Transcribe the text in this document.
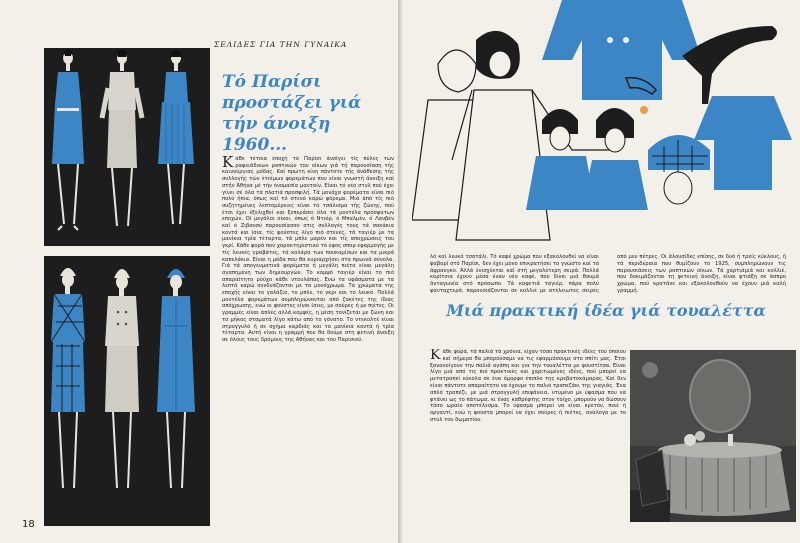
ΣΕΛΙΔΕΣ ΓΙΑ ΤΗΝ ΓΥΝΑΙΚΑ
Τό Παρίσι προστάζει γιά τήν άνοιξη 1960...
Κάθε τέτοια έποχή τό Παρίσι άνοίγει τίς πύλες τών ραφειάδικων ραπτικών του οίκων γιά τή παρουσίαση τής καινούργιας μόδας. Καί πρώτη κίνη πάντοτε τής άνάθεσης τής συλλογής τών έτοίμων φορεμάτων που είναι γνωστή άνοιξη καί στήν Άθήνα μέ τήν όνομασία μανταίν. Είναι τό νέο στυλ πού έχει γίνει σέ όλα τά πλατιά προσφιλή. Τά μονάχα φορέματα είναι πιό πολύ ήπια, όπως καί τό στενό καρώ φόρεμα. Μιά άπό τίς πιό συζητημένες λεπτομέρειες είναι τό τσάλισμα τής ζώνης, πού έτσι έχει έξελιχθεί και ξεπεράσει όλα τά μοντέλα πρόσφατων εποχών. Οί μεγάλοι οίκοι, όπως ό Ντιόρ, ό Μπαλμέν, ό Λανβέν καί ό Ζιβανσύ παρουσίασαν στις συλλογές τους τά σακάκια κοντά και ίσια, τίς φούστες λίγο πιό στενές, τά ταγιέρ με τα μανίκια τρία τέταρτα, τά μπλε μαρέν και τίς αποχρώσεις του γκρί. Κάθε φορά πού χαρακτηριστικό τό ύφος σπορ εφαρμογής με τίς λευκές γραβάτες, τά κολάρα των πουκαμίσων και τα μικρά καπελάκια. Είναι η μόδα που θα κυριαρχήσει στα πρωινά σύνολα. Γιά τά απογευματινά φορέματα ή μεγάλη πιέτα είναι μεγάλη αγαπημένη των δημιουργών. Το κομψό ταγιέρ είναι το πιό απαραίτητο ρούχο κάθε ντουλάπας. Ενώ τα υφάσματα με τα λεπτά καρώ συνδυάζονται με τα μονόχρωμα. Τα χρώματα της εποχής είναι το γαλάζιο, το μπλε, το γκρι και το λευκό. Πολλά μοντέλα φορεμάτων συμπληρώνονται από ζακέτες της ίδιας απόχρωσης, ενώ οι φούστες είναι ίσιες, με σούρες ή με πιέτες. Οι γραμμές είναι απλές αλλά κομψές, η μέση τονίζεται με ζώνη και το μήκος σταματά λίγο κάτω από το γόνατο. Το ντεκολτέ είναι στρογγυλό ή σε σχήμα καρδιάς και τα μανίκια κοντά ή τρία τέταρτα. Αυτή είναι η γραμμή που θα δούμε στη φετινή άνοιξη σε όλους τους δρόμους της Αθήνας και του Παρισιού.
18
λό καί λευκό τσατάλι. Τό καφέ χρώμα που εξακολουθεί να είναι φαβορί στό Παρίσι, δεν έχει μόνο επικρατήσει το γνώστο καί τό άφρανγκο. Άλλά ένισχύεται καί στή μεγαλύτερη σειρά. Πολλά κορίτσια έχουν μέσα έναν νέο καφέ, που δίνει μιά θαυμά άνταγωνία στό πρόσωπο. Τά καφετιά ταγιέρ, πάρα πολύ φανταχτερά, παρουσιάζονται σε κολλιέ με ατέλειωτες σειρές από μεν πέτρες. Οι άλουσίδες επίσης, σε δυό ή τρείς κύκλους, ή τά περιδέραια που θυμίζουν το 1925, συμπληρώνουν τις παρουσιάσεις των ραπτικών οίκων. Τά χαρτιάμιά και κολλιέ, που δοκιμάζονται τη φετεινή άνοιξη, είναι φτιάξη σε άσπρο χρώμα, πού κρατάνε και εξακολουθούν να έχουν μιά καλή γραμμή.
Μιά πρακτική ίδέα γιά τουαλέττα
Κάθε φορά, τά παλιά τά χρόνια, είχαν τόσο πρακτικές ιδέες τού όποιου καί σήμερα θα μπορούσαμε να τις εφαρμόσουμε στο σπίτι μας. Έτσι ξανανοίγουν την παλιά αγάπη και για την τουαλέττα με φουστίτσα. Είναι λίγο μιά από τις πιό πρακτικές και χαριτωμένες ιδέες, πού μπορεί να μετατραπεί εύκολα σε ένα όμορφο έπιπλο της κρεβατοκάμαρας. Καί δεν είναι πάντοτε απαραίτητο να έχουμε το παλιό τραπεζάκι της γιαγιάς. Ένα απλό τραπέζι, με μιά στρογγυλή επιφάνεια, ντυμένο με ύφασμα που να φτάνει ως το πάτωμα, κι ένας καθρέφτης στον τοίχο, μπορούν να δώσουν τόσο ωραίο αποτέλεσμα. Το ύφασμα μπορεί να είναι κρετόν, πικέ ή οργαντί, ενώ η φούστα μπορεί να έχει σούρες ή πιέτες, ανάλογα με το στυλ του δωματίου.
